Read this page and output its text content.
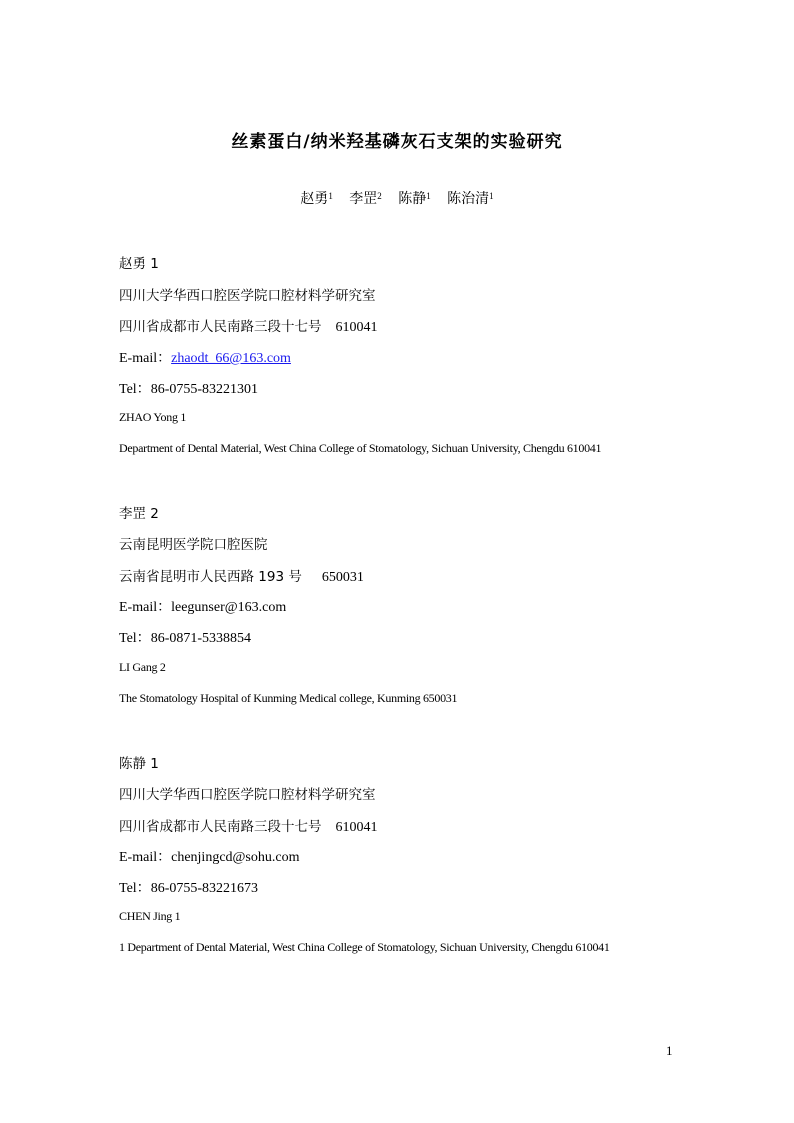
丝素蛋白/纳米羟基磷灰石支架的实验研究
赵勇$^1$ 李罡$^2$ 陈静$^1$ 陈治清$^1$
赵勇 1
四川大学华西口腔医学院口腔材料学研究室
四川省成都市人民南路三段十七号 610041
E-mail：zhaodt_66@163.com
Tel：86-0755-83221301
ZHAO Yong 1
Department of Dental Material, West China College of Stomatology, Sichuan University, Chengdu 610041
李罡 2
云南昆明医学院口腔医院
云南省昆明市人民西路 193 号 650031
E-mail：leegunser@163.com
Tel：86-0871-5338854
LI Gang 2
The Stomatology Hospital of Kunming Medical college, Kunming 650031
陈静 1
四川大学华西口腔医学院口腔材料学研究室
四川省成都市人民南路三段十七号 610041
E-mail：chenjingcd@sohu.com
Tel：86-0755-83221673
CHEN Jing 1
1 Department of Dental Material, West China College of Stomatology, Sichuan University, Chengdu 610041
1
